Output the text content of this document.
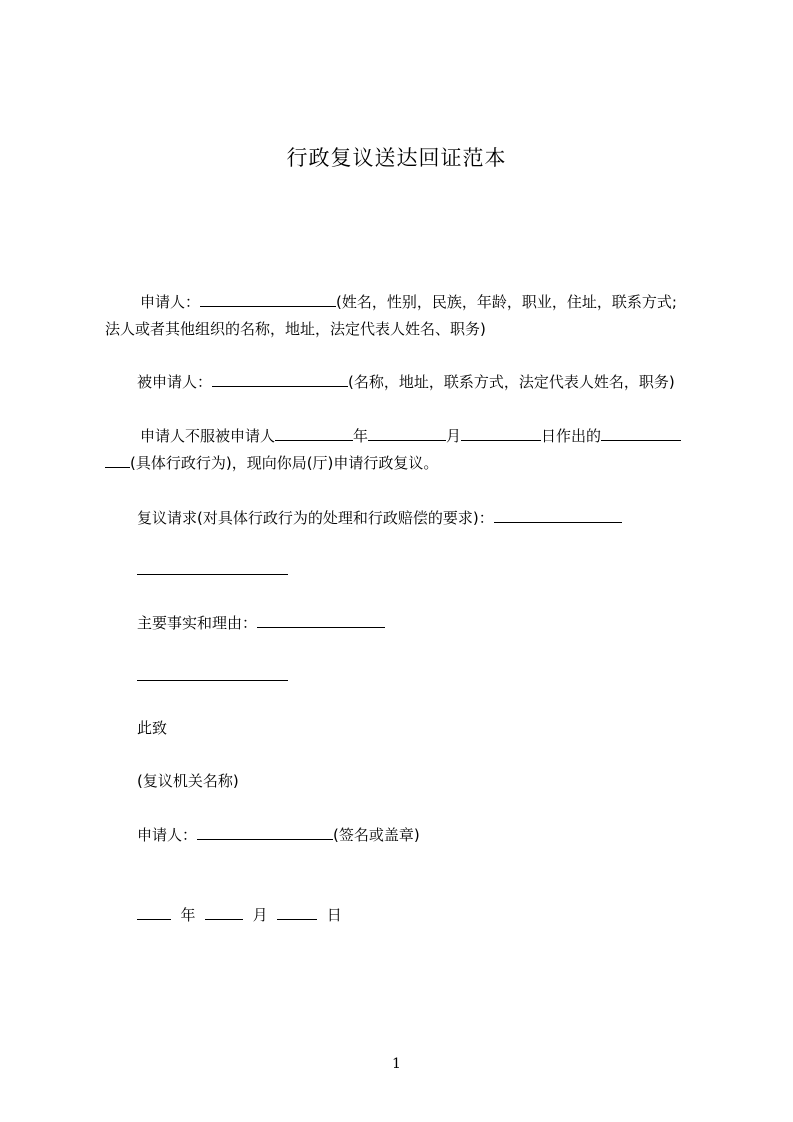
行政复议送达回证范本
申请人：	(姓名，性别，民族，年龄，职业，住址，联系方式;
法人或者其他组织的名称，地址，法定代表人姓名、职务)
被申请人：	(名称，地址，联系方式，法定代表人姓名，职务)
申请人不服被申请人	年	月	日作出的
(具体行政行为)，现向你局(厅)申请行政复议。
复议请求(对具体行政行为的处理和行政赔偿的要求)：
主要事实和理由：
此致
(复议机关名称)
申请人：	(签名或盖章)
年	月	日
1
